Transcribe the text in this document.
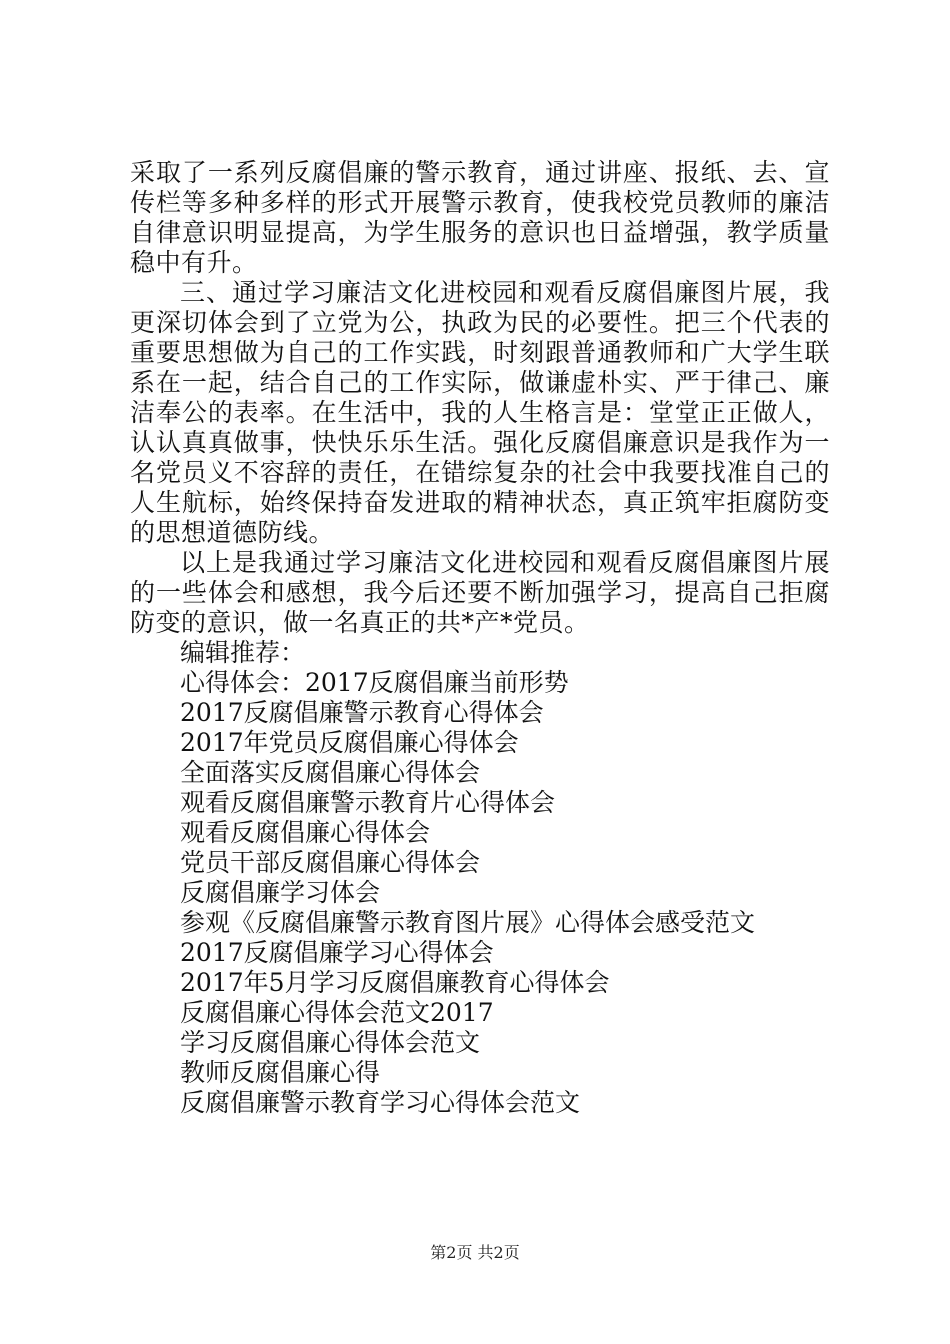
采取了一系列反腐倡廉的警示教育，通过讲座、报纸、去、宣传栏等多种多样的形式开展警示教育，使我校党员教师的廉洁自律意识明显提高，为学生服务的意识也日益增强，教学质量稳中有升。

三、通过学习廉洁文化进校园和观看反腐倡廉图片展，我更深切体会到了立党为公，执政为民的必要性。把三个代表的重要思想做为自己的工作实践，时刻跟普通教师和广大学生联系在一起，结合自己的工作实际，做谦虚朴实、严于律己、廉洁奉公的表率。在生活中，我的人生格言是：堂堂正正做人，认认真真做事，快快乐乐生活。强化反腐倡廉意识是我作为一名党员义不容辞的责任，在错综复杂的社会中我要找准自己的人生航标，始终保持奋发进取的精神状态，真正筑牢拒腐防变的思想道德防线。

以上是我通过学习廉洁文化进校园和观看反腐倡廉图片展的一些体会和感想，我今后还要不断加强学习，提高自己拒腐防变的意识，做一名真正的共*产*党员。

编辑推荐：

心得体会：2017反腐倡廉当前形势
2017反腐倡廉警示教育心得体会
2017年党员反腐倡廉心得体会
全面落实反腐倡廉心得体会
观看反腐倡廉警示教育片心得体会
观看反腐倡廉心得体会
党员干部反腐倡廉心得体会
反腐倡廉学习体会
参观《反腐倡廉警示教育图片展》心得体会感受范文
2017反腐倡廉学习心得体会
2017年5月学习反腐倡廉教育心得体会
反腐倡廉心得体会范文2017
学习反腐倡廉心得体会范文
教师反腐倡廉心得
反腐倡廉警示教育学习心得体会范文
第2页 共2页
